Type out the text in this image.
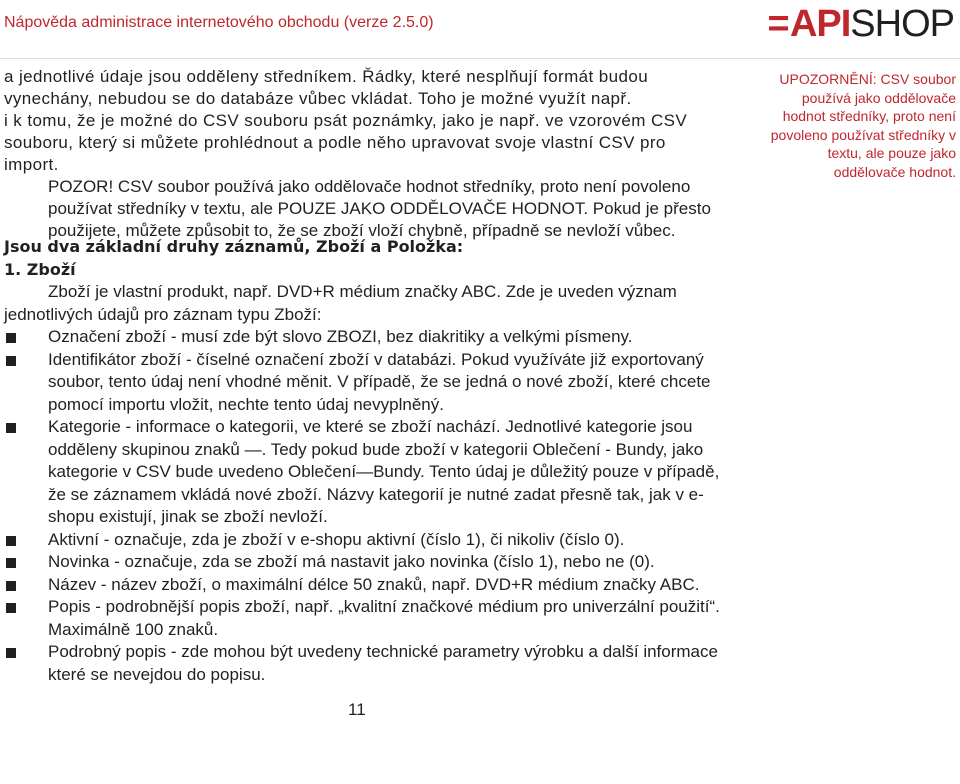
Nápověda administrace internetového obchodu (verze 2.5.0)	= API SHOP

a jednotlivé údaje jsou odděleny středníkem. Řádky, které nesplňují formát budou vynechány, nebudou se do databáze vůbec vkládat. Toho je možné využít např.

i k tomu, že je možné do CSV souboru psát poznámky, jako je např. ve vzorovém CSV souboru, který si můžete prohlédnout a podle něho upravovat svoje vlastní CSV pro import.

POZOR! CSV soubor používá jako oddělovače hodnot středníky, proto není povoleno používat středníky v textu, ale POUZE JAKO ODDĚLOVAČE HODNOT. Pokud je přesto použijete, můžete způsobit to, že se zboží vloží chybně, případně se nevloží vůbec.

UPOZORNĚNÍ: CSV soubor používá jako oddělovače hodnot středníky, proto není povoleno používat středníky v textu, ale pouze jako oddělovače hodnot.

Jsou dva základní druhy záznamů, Zboží a Položka:

1. Zboží

Zboží je vlastní produkt, např. DVD+R médium značky ABC. Zde je uveden význam jednotlivých údajů pro záznam typu Zboží:
Označení zboží - musí zde být slovo ZBOZI, bez diakritiky a velkými písmeny.
Identifikátor zboží - číselné označení zboží v databázi. Pokud využíváte již exportovaný soubor, tento údaj není vhodné měnit. V případě, že se jedná o nové zboží, které chcete pomocí importu vložit, nechte tento údaj nevyplněný.
Kategorie - informace o kategorii, ve které se zboží nachází. Jednotlivé kategorie jsou odděleny skupinou znaků —. Tedy pokud bude zboží v kategorii Oblečení - Bundy, jako kategorie v CSV bude uvedeno Oblečení—Bundy. Tento údaj je důležitý pouze v případě, že se záznamem vkládá nové zboží. Názvy kategorií je nutné zadat přesně tak, jak v e-shopu existují, jinak se zboží nevloží.
Aktivní - označuje, zda je zboží v e-shopu aktivní (číslo 1), či nikoliv (číslo 0).
Novinka - označuje, zda se zboží má nastavit jako novinka (číslo 1), nebo ne (0).
Název - název zboží, o maximální délce 50 znaků, např. DVD+R médium značky ABC.
Popis - podrobnější popis zboží, např. „kvalitní značkové médium pro univerzální použití“. Maximálně 100 znaků.
Podrobný popis - zde mohou být uvedeny technické parametry výrobku a další informace které se nevejdou do popisu.
11
